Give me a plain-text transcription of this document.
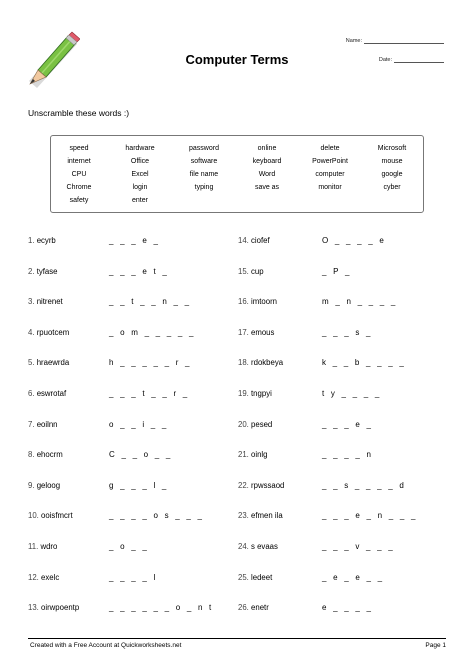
Name:
Date:
Computer Terms
Unscramble these words :)
speed	hardware	password	online	delete	Microsoft
internet	Office	software	keyboard	PowerPoint	mouse
CPU	Excel	file name	Word	computer	google
Chrome	login	typing	save as	monitor	cyber
safety	enter
1. ecyrb	_   _   _   e   _
2. tyfase	_   _   _   e   t   _
3. nitrenet	_   _   t   _   _   n   _   _
4. rpuotcem	_   o   m   _   _   _   _   _
5. hraewrda	h   _   _   _   _   _   r   _
6. eswrotaf	_   _   _   t   _   _   r   _
7. eoilnn	o   _   _   i   _   _
8. ehocrm	C   _   _   o   _   _
9. geloog	g   _   _   _   l   _
10. ooisfmcrt	_   _   _   _   o   s   _   _   _
11. wdro	_   o   _   _
12. exelc	_   _   _   _   l
13. oirwpoentp	_   _   _   _   _   _   o   _   n   t
14. ciofef	O   _   _   _   _   e
15. cup	_   P   _
16. imtoorn	m   _   n   _   _   _   _
17. emous	_   _   _   s   _
18. rdokbeya	k   _   _   b   _   _   _   _
19. tngpyi	t   y   _   _   _   _
20. pesed	_   _   _   e   _
21. oinlg	_   _   _   _   n
22. rpwssaod	_   _   s   _   _   _   _   d
23. efmen ila	_   _   _   e   _   n   _   _   _
24. s evaas	_   _   _   v   _   _   _
25. ledeet	_   e   _   e   _   _
26. enetr	e   _   _   _   _
Created with a Free Account at Quickworksheets.net	Page 1
